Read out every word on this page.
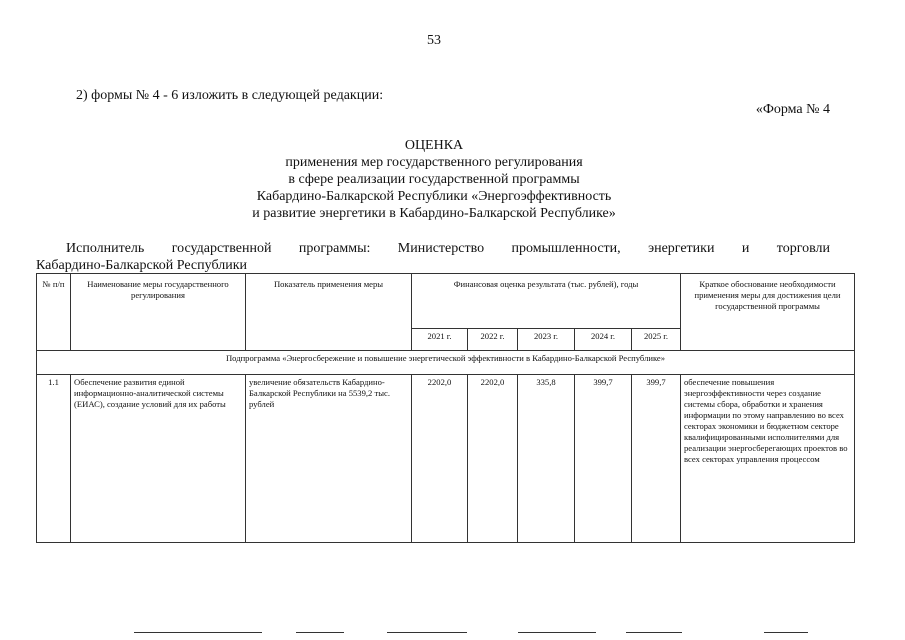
53
2) формы № 4 - 6 изложить в следующей редакции:
«Форма № 4
ОЦЕНКА
применения мер государственного регулирования
в сфере реализации государственной программы
Кабардино-Балкарской Республики «Энергоэффективность
и развитие энергетики в Кабардино-Балкарской Республике»
Исполнитель государственной программы: Министерство промышленности, энергетики и торговли
Кабардино-Балкарской Республики
№ п/п	Наименование меры государственного регулирования	Показатель применения меры	Финансовая оценка результата (тыс. рублей), годы					Краткое обоснование необходимости применения меры для достижения цели государственной программы
			2021 г.	2022 г.	2023 г.	2024 г.	2025 г.	
Подпрограмма «Энергосбережение и повышение энергетической эффективности в Кабардино-Балкарской Республике»								
1.1	Обеспечение развития единой информационно-аналитической системы (ЕИАС), создание условий для их работы	увеличение обязательств Кабардино-Балкарской Республики на 5539,2 тыс. рублей	2202,0	2202,0	335,8	399,7	399,7	обеспечение повышения энергоэффективности через создание системы сбора, обработки и хранения информации по этому направлению во всех секторах экономики и бюджетном секторе квалифицированными исполнителями для реализации энергосберегающих проектов во всех секторах управления процессом
